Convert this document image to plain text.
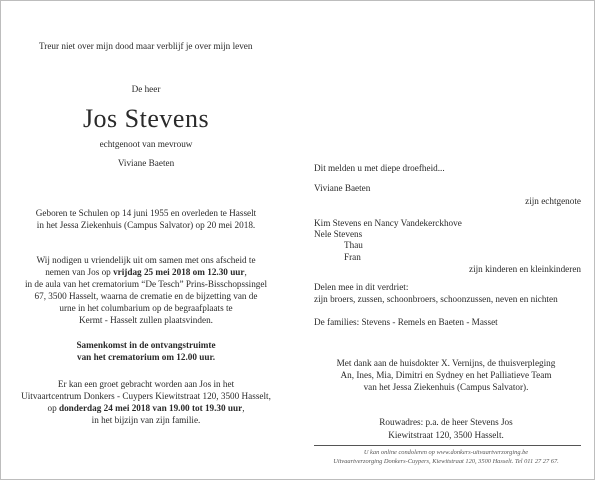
Treur niet over mijn dood maar verblijf je over mijn leven
De heer
Jos Stevens
echtgenoot van mevrouw
Viviane Baeten
Geboren te Schulen op 14 juni 1955 en overleden te Hasselt
in het Jessa Ziekenhuis (Campus Salvator) op 20 mei 2018.
Wij nodigen u vriendelijk uit om samen met ons afscheid te
nemen van Jos op vrijdag 25 mei 2018 om 12.30 uur,
in de aula van het crematorium “De Tesch” Prins-Bisschopssingel
67, 3500 Hasselt, waarna de crematie en de bijzetting van de
urne in het columbarium op de begraafplaats te
Kermt - Hasselt zullen plaatsvinden.
Samenkomst in de ontvangstruimte
van het crematorium om 12.00 uur.
Er kan een groet gebracht worden aan Jos in het
Uitvaartcentrum Donkers - Cuypers Kiewitstraat 120, 3500 Hasselt,
op donderdag 24 mei 2018 van 19.00 tot 19.30 uur,
in het bijzijn van zijn familie.
Dit melden u met diepe droefheid...
Viviane Baeten
zijn echtgenote
Kim Stevens en Nancy Vandekerckhove
Nele Stevens
Thau
Fran
zijn kinderen en kleinkinderen
Delen mee in dit verdriet:
zijn broers, zussen, schoonbroers, schoonzussen, neven en nichten
De families: Stevens - Remels en Baeten - Masset
Met dank aan de huisdokter X. Vernijns, de thuisverpleging
An, Ines, Mia, Dimitri en Sydney en het Palliatieve Team
van het Jessa Ziekenhuis (Campus Salvator).
Rouwadres: p.a. de heer Stevens Jos
Kiewitstraat 120, 3500 Hasselt.
U kan online condoleren op www.donkers-uitvaartverzorging.be
Uitvaartverzorging Donkers-Cuypers, Kiewitstraat 120, 3500 Hasselt. Tel 011 27 27 67.
